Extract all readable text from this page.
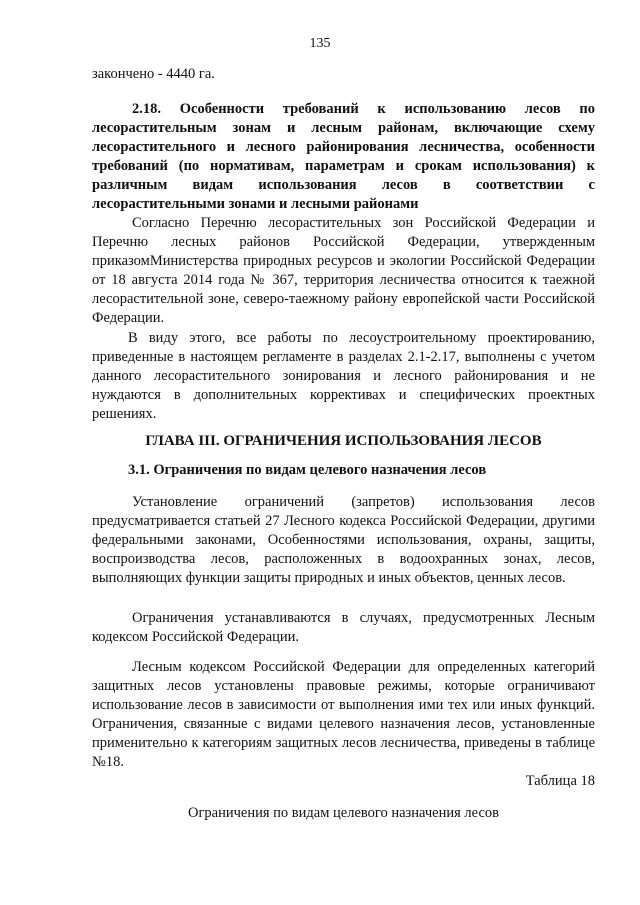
135
закончено - 4440 га.
2.18. Особенности требований к использованию лесов по лесорастительным зонам и лесным районам, включающие схему лесорастительного и лесного районирования лесничества, особенности требований (по нормативам, параметрам и срокам использования) к различным видам использования лесов в соответствии с лесорастительными зонами и лесными районами
Согласно Перечню лесорастительных зон Российской Федерации и Перечню лесных районов Российской Федерации, утвержденным приказомМинистерства природных ресурсов и экологии Российской Федерации от 18 августа 2014 года № 367, территория лесничества относится к таежной лесорастительной зоне, северо-таежному району европейской части Российской Федерации.
В виду этого, все работы по лесоустроительному проектированию, приведенные в настоящем регламенте в разделах 2.1-2.17, выполнены с учетом данного лесорастительного зонирования и лесного районирования и не нуждаются в дополнительных коррективах и специфических проектных решениях.
ГЛАВА III. ОГРАНИЧЕНИЯ ИСПОЛЬЗОВАНИЯ ЛЕСОВ
3.1. Ограничения по видам целевого назначения лесов
Установление ограничений (запретов) использования лесов предусматривается статьей 27 Лесного кодекса Российской Федерации, другими федеральными законами, Особенностями использования, охраны, защиты, воспроизводства лесов, расположенных в водоохранных зонах, лесов, выполняющих функции защиты природных и иных объектов, ценных лесов.
Ограничения устанавливаются в случаях, предусмотренных Лесным кодексом Российской Федерации.
Лесным кодексом Российской Федерации для определенных категорий защитных лесов установлены правовые режимы, которые ограничивают использование лесов в зависимости от выполнения ими тех или иных функций. Ограничения, связанные с видами целевого назначения лесов, установленные применительно к категориям защитных лесов лесничества, приведены в таблице №18.
Таблица 18
Ограничения по видам целевого назначения лесов
